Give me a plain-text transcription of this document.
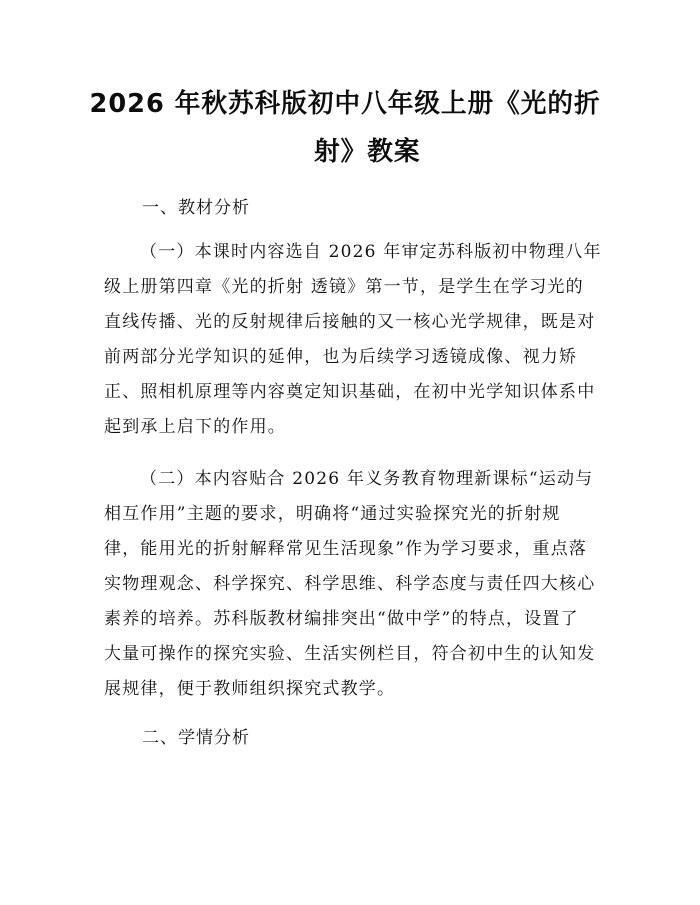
2026 年秋苏科版初中八年级上册《光的折
射》教案
一、教材分析
（一）本课时内容选自 2026 年审定苏科版初中物理八年
级上册第四章《光的折射 透镜》第一节，是学生在学习光的
直线传播、光的反射规律后接触的又一核心光学规律，既是对
前两部分光学知识的延伸，也为后续学习透镜成像、视力矫
正、照相机原理等内容奠定知识基础，在初中光学知识体系中
起到承上启下的作用。
（二）本内容贴合 2026 年义务教育物理新课标“运动与
相互作用”主题的要求，明确将“通过实验探究光的折射规
律，能用光的折射解释常见生活现象”作为学习要求，重点落
实物理观念、科学探究、科学思维、科学态度与责任四大核心
素养的培养。苏科版教材编排突出“做中学”的特点，设置了
大量可操作的探究实验、生活实例栏目，符合初中生的认知发
展规律，便于教师组织探究式教学。
二、学情分析
